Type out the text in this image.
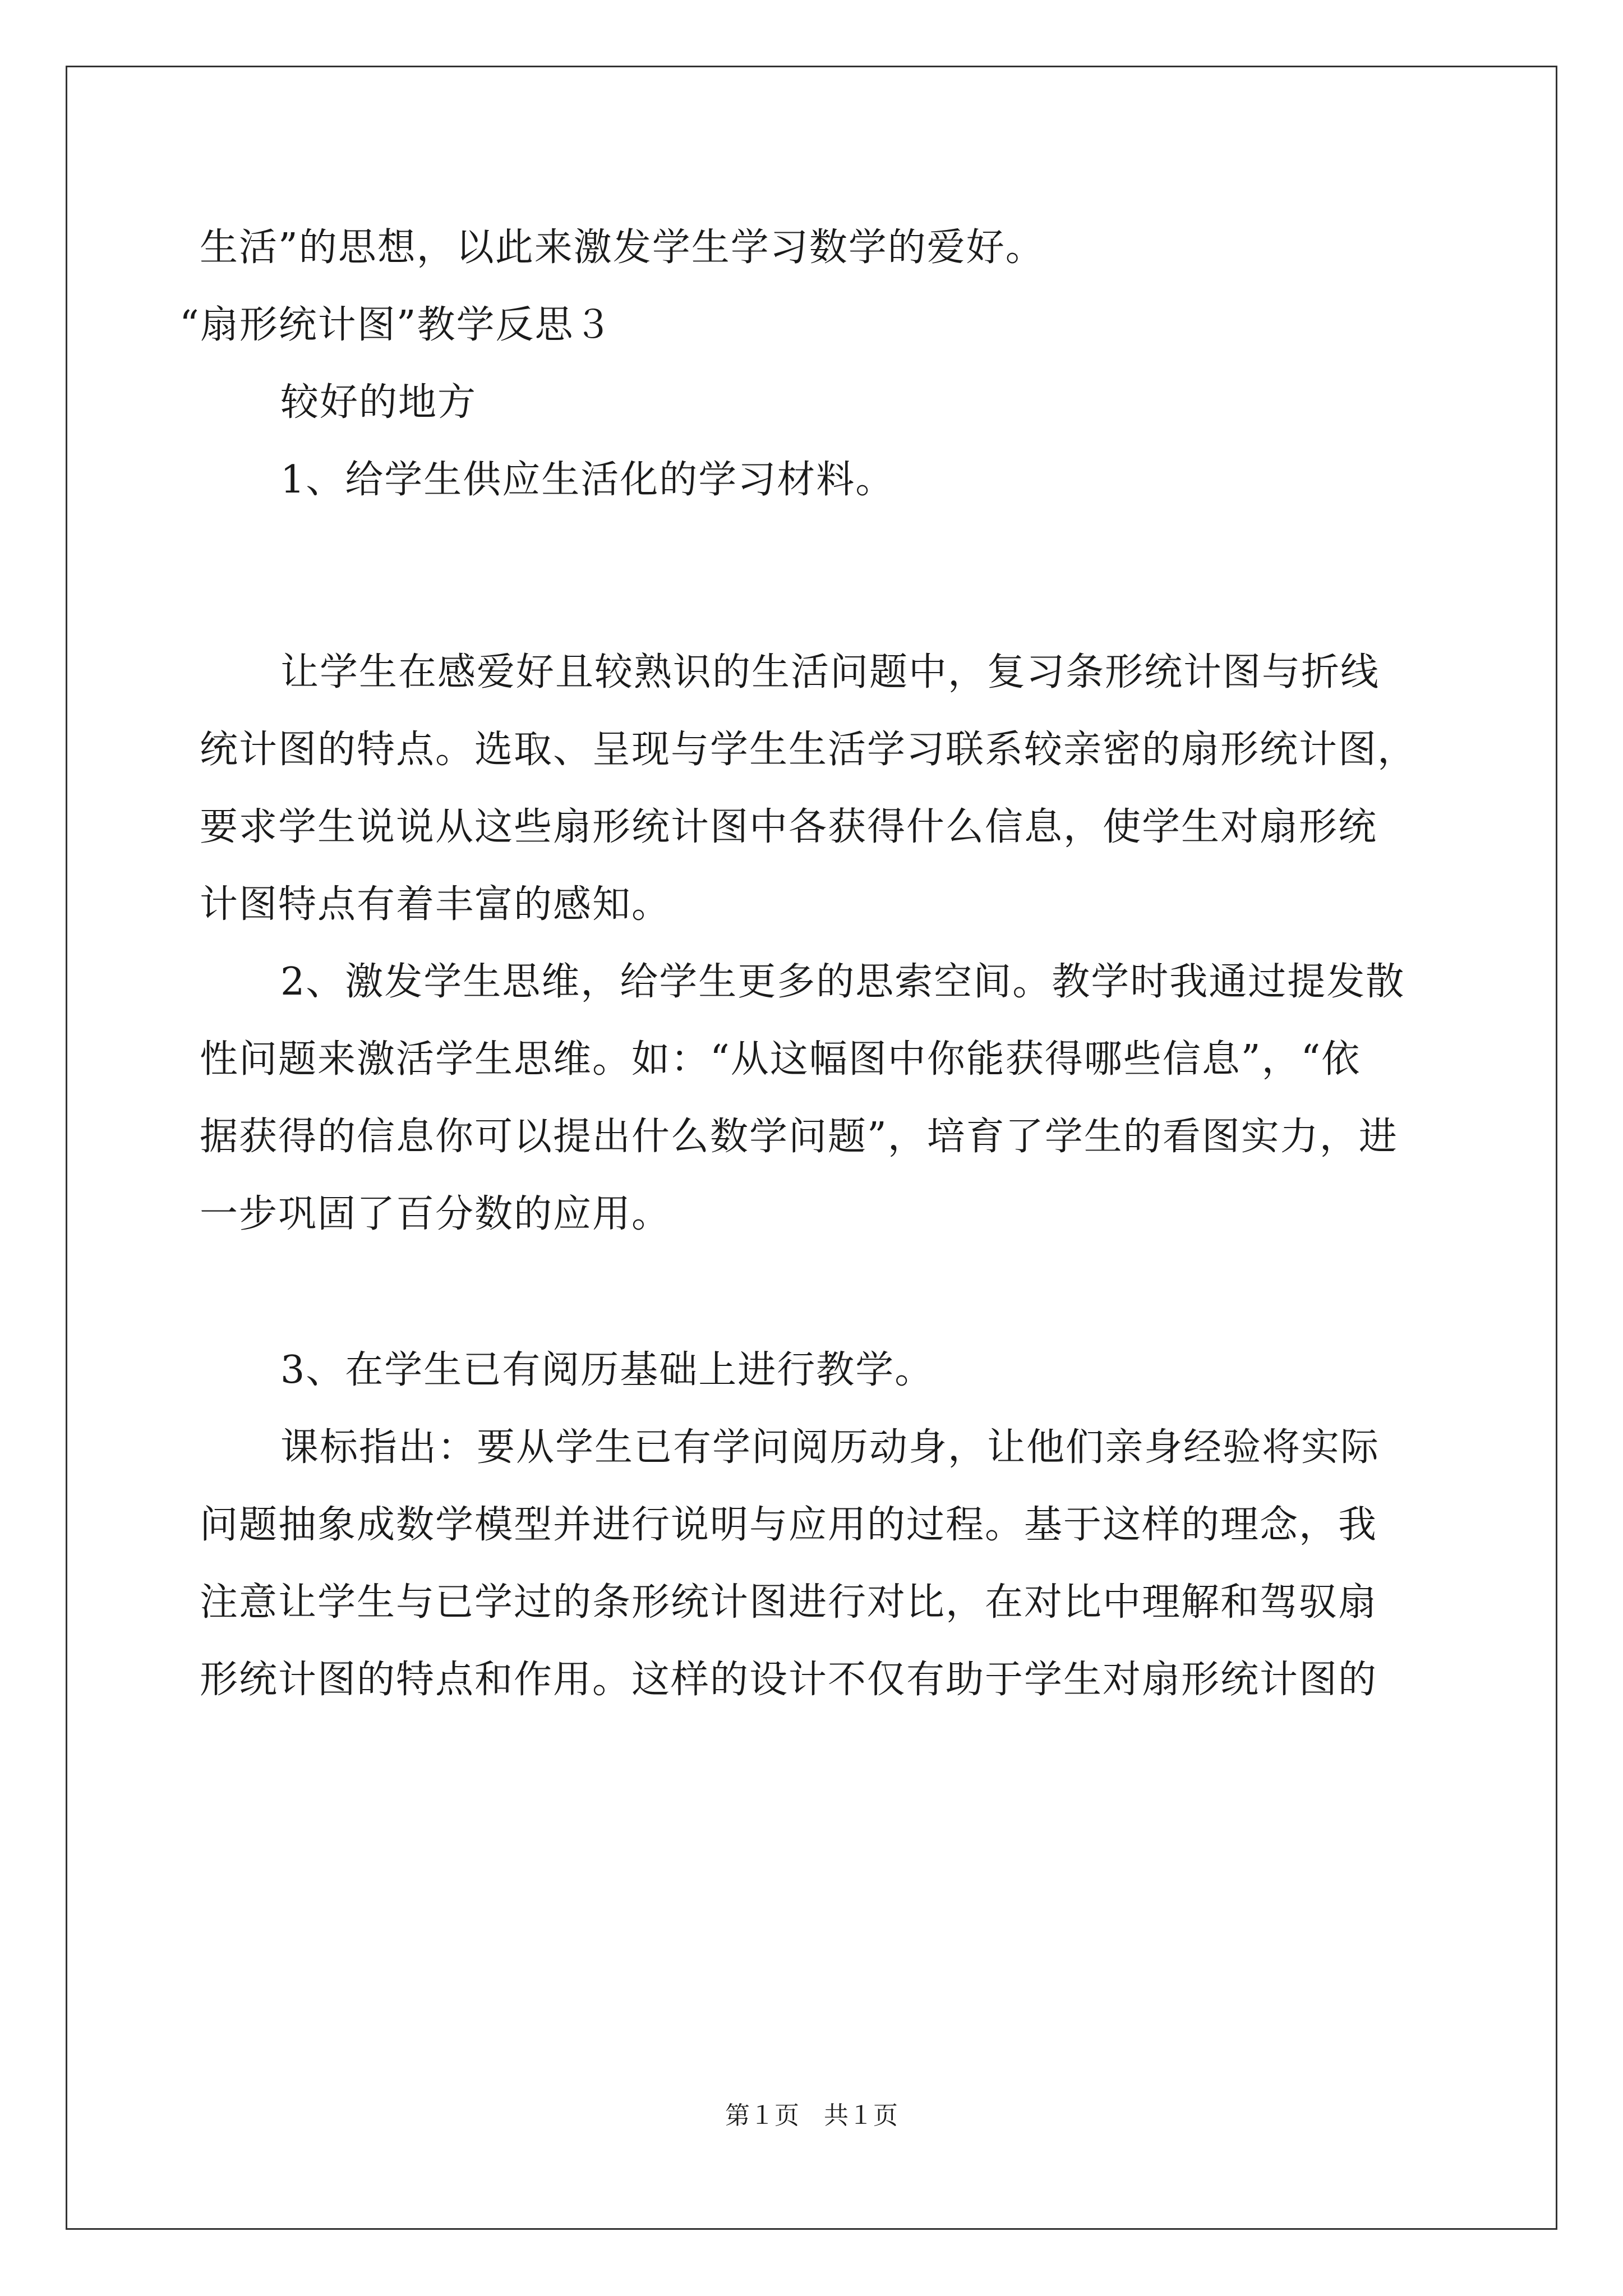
生活”的思想，以此来激发学生学习数学的爱好。
“扇形统计图”教学反思３
较好的地方
1、给学生供应生活化的学习材料。
让学生在感爱好且较熟识的生活问题中，复习条形统计图与折线
统计图的特点。选取、呈现与学生生活学习联系较亲密的扇形统计图，
要求学生说说从这些扇形统计图中各获得什么信息，使学生对扇形统
计图特点有着丰富的感知。
2、激发学生思维，给学生更多的思索空间。教学时我通过提发散
性问题来激活学生思维。如：“从这幅图中你能获得哪些信息”，“依
据获得的信息你可以提出什么数学问题”，培育了学生的看图实力，进
一步巩固了百分数的应用。
3、在学生已有阅历基础上进行教学。
课标指出：要从学生已有学问阅历动身，让他们亲身经验将实际
问题抽象成数学模型并进行说明与应用的过程。基于这样的理念，我
注意让学生与已学过的条形统计图进行对比，在对比中理解和驾驭扇
形统计图的特点和作用。这样的设计不仅有助于学生对扇形统计图的
第１页　共１页
